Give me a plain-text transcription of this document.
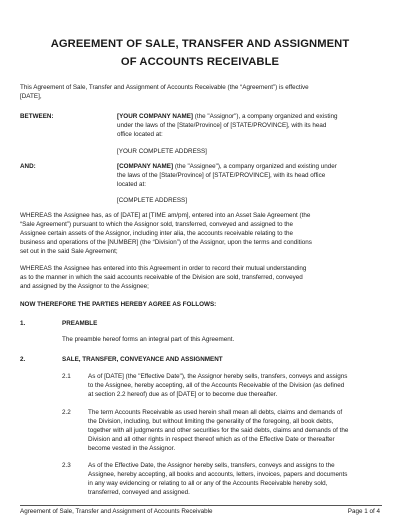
AGREEMENT OF SALE, TRANSFER AND ASSIGNMENT
OF ACCOUNTS RECEIVABLE
This Agreement of Sale, Transfer and Assignment of Accounts Receivable (the “Agreement”) is effective
[DATE],
BETWEEN:	[YOUR COMPANY NAME] (the "Assignor"), a company organized and existing
under the laws of the [State/Province] of [STATE/PROVINCE], with its head
office located at:
[YOUR COMPLETE ADDRESS]
AND:	[COMPANY NAME] (the "Assignee"), a company organized and existing under
the laws of the [State/Province] of [STATE/PROVINCE], with its head office
located at:
[COMPLETE ADDRESS]
WHEREAS the Assignee has, as of [DATE] at [TIME am/pm], entered into an Asset Sale Agreement (the
“Sale Agreement”) pursuant to which the Assignor sold, transferred, conveyed and assigned to the
Assignee certain assets of the Assignor, including inter alia, the accounts receivable relating to the
business and operations of the [NUMBER] (the “Division”) of the Assignor, upon the terms and conditions
set out in the said Sale Agreement;
WHEREAS the Assignee has entered into this Agreement in order to record their mutual understanding
as to the manner in which the said accounts receivable of the Division are sold, transferred, conveyed
and assigned by the Assignor to the Assignee;
NOW THEREFORE THE PARTIES HEREBY AGREE AS FOLLOWS:
1.	PREAMBLE
The preamble hereof forms an integral part of this Agreement.
2.	SALE, TRANSFER, CONVEYANCE AND ASSIGNMENT
2.1	As of [DATE] (the "Effective Date"), the Assignor hereby sells, transfers, conveys and assigns
to the Assignee, hereby accepting, all of the Accounts Receivable of the Division (as defined
at section 2.2 hereof) due as of [DATE] or to become due thereafter.
2.2	The term Accounts Receivable as used herein shall mean all debts, claims and demands of
the Division, including, but without limiting the generality of the foregoing, all book debts,
together with all judgments and other securities for the said debts, claims and demands of the
Division and all other rights in respect thereof which as of the Effective Date or thereafter
become vested in the Assignor.
2.3	As of the Effective Date, the Assignor hereby sells, transfers, conveys and assigns to the
Assignee, hereby accepting, all books and accounts, letters, invoices, papers and documents
in any way evidencing or relating to all or any of the Accounts Receivable hereby sold,
transferred, conveyed and assigned.
Agreement of Sale, Transfer and Assignment of Accounts Receivable	Page 1 of 4
